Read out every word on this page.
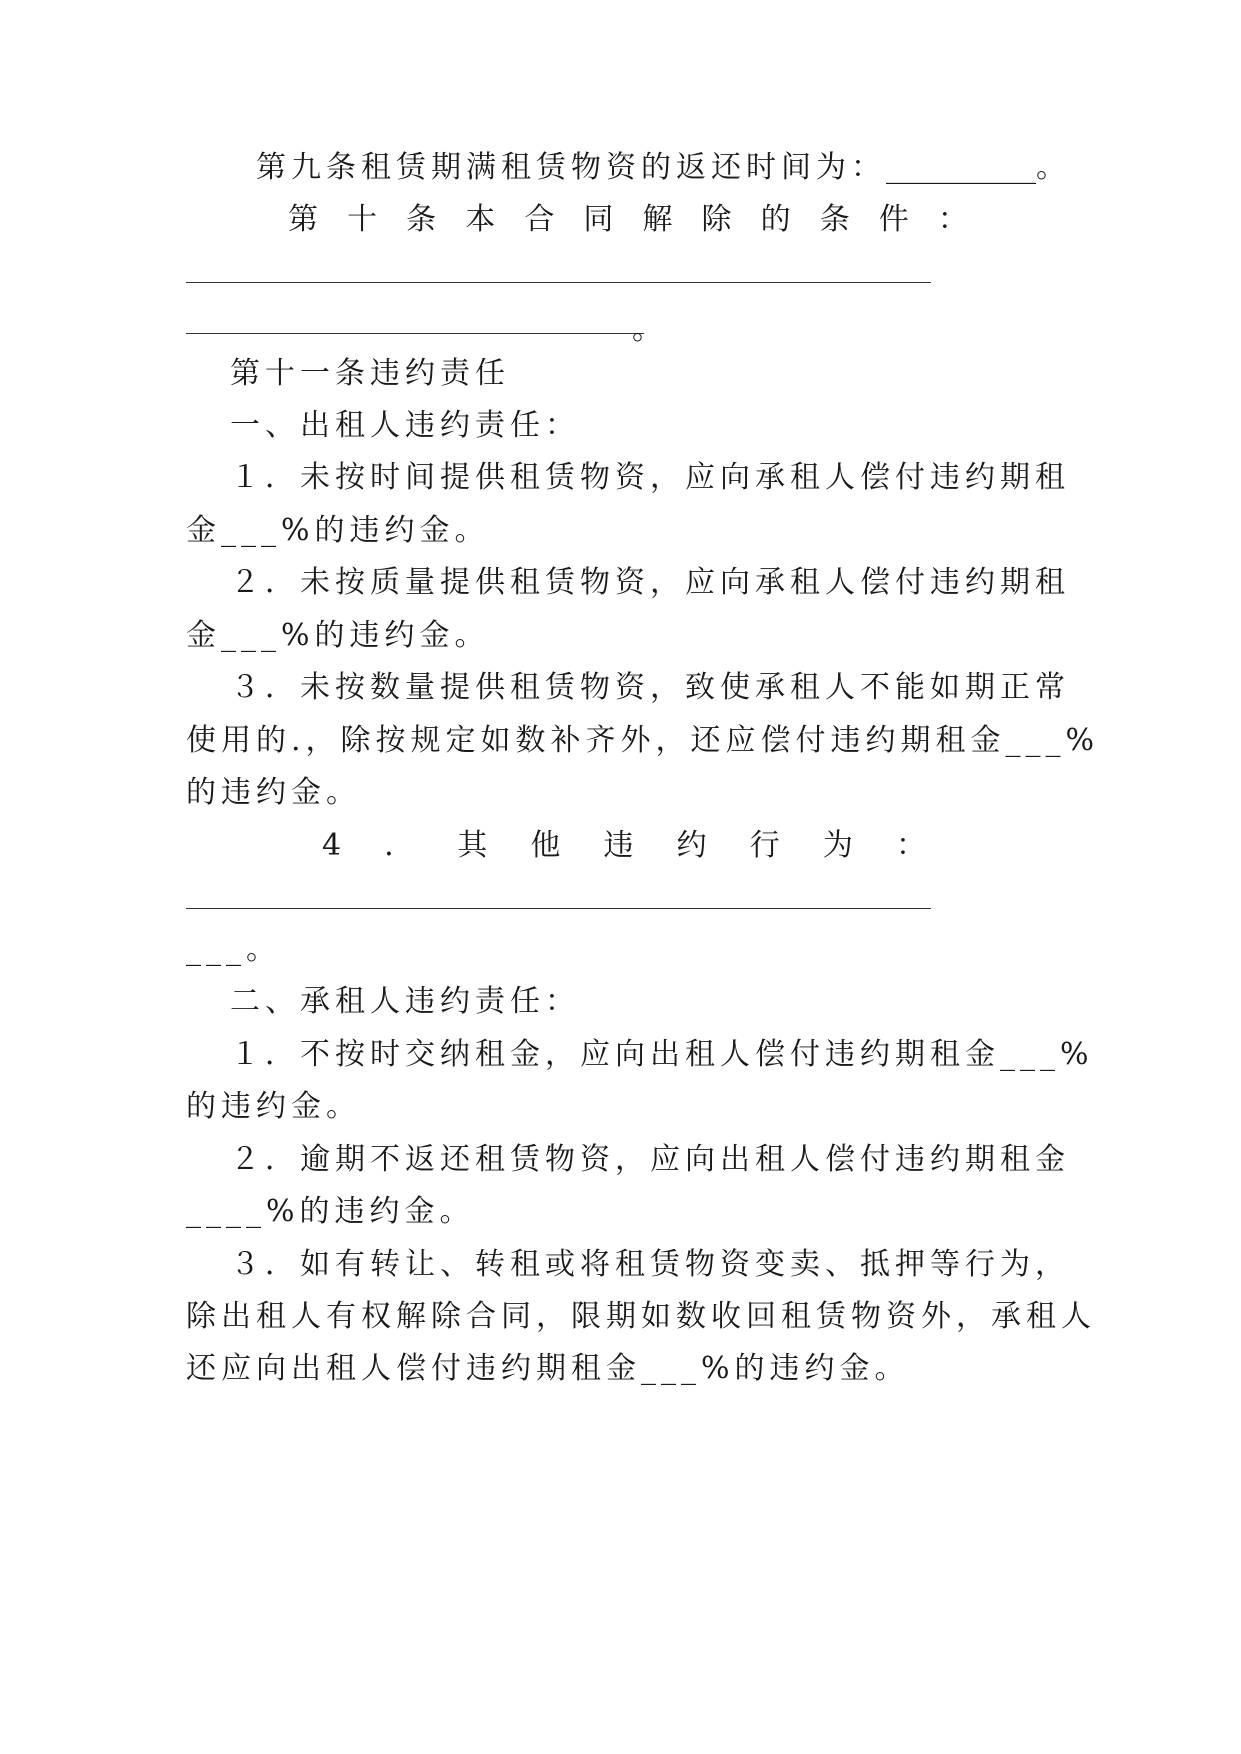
第九条租赁期满租赁物资的返还时间为：__________。
第 十 条 本 合 同 解 除 的 条 件 ：
。
第十一条违约责任
一、出租人违约责任：
１．未按时间提供租赁物资，应向承租人偿付违约期租
金___%的违约金。
２．未按质量提供租赁物资，应向承租人偿付违约期租
金___%的违约金。
３．未按数量提供租赁物资，致使承租人不能如期正常
使用的.，除按规定如数补齐外，还应偿付违约期租金___%
的违约金。
4 ． 其 他 违 约 行 为 ：
___。
二、承租人违约责任：
１．不按时交纳租金，应向出租人偿付违约期租金___%
的违约金。
２．逾期不返还租赁物资，应向出租人偿付违约期租金
____%的违约金。
３．如有转让、转租或将租赁物资变卖、抵押等行为，
除出租人有权解除合同，限期如数收回租赁物资外，承租人
还应向出租人偿付违约期租金___%的违约金。
